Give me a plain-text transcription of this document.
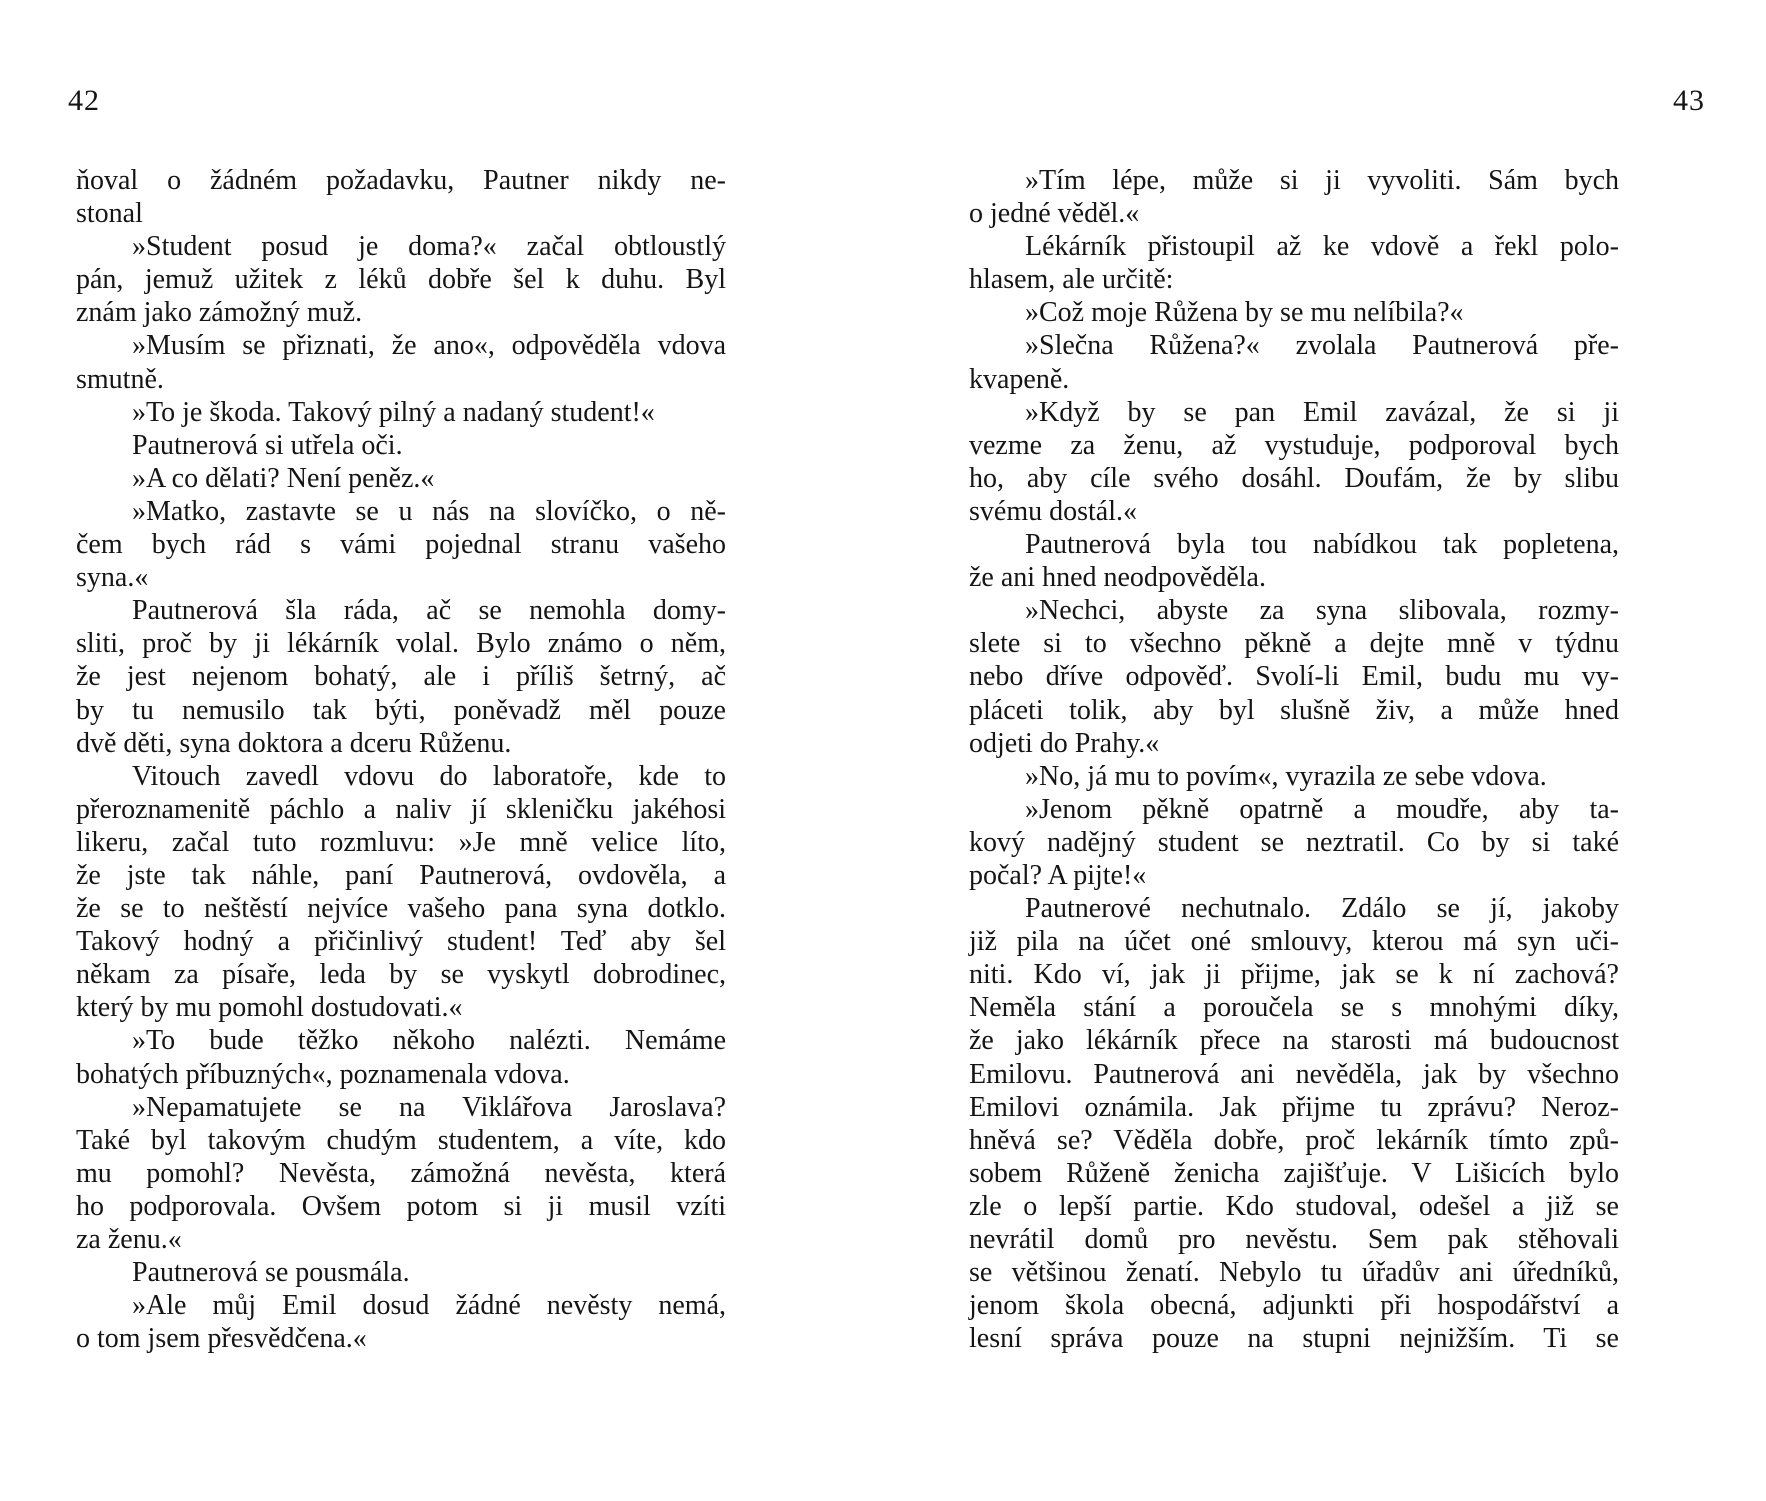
42
ňoval o žádném požadavku, Pautner nikdy ne-
stonal
»Student posud je doma?« začal obtloustlý
pán, jemuž užitek z léků dobře šel k duhu. Byl
znám jako zámožný muž.
»Musím se přiznati, že ano«, odpověděla vdova
smutně.
»To je škoda. Takový pilný a nadaný student!«
Pautnerová si utřela oči.
»A co dělati? Není peněz.«
»Matko, zastavte se u nás na slovíčko, o ně-
čem bych rád s vámi pojednal stranu vašeho
syna.«
Pautnerová šla ráda, ač se nemohla domy-
sliti, proč by ji lékárník volal. Bylo známo o něm,
že jest nejenom bohatý, ale i příliš šetrný, ač
by tu nemusilo tak býti, poněvadž měl pouze
dvě děti, syna doktora a dceru Růženu.
Vitouch zavedl vdovu do laboratoře, kde to
přeroznamenitě páchlo a naliv jí skleničku jakéhosi
likeru, začal tuto rozmluvu: »Je mně velice líto,
že jste tak náhle, paní Pautnerová, ovdověla, a
že se to neštěstí nejvíce vašeho pana syna dotklo.
Takový hodný a přičinlivý student! Teď aby šel
někam za písaře, leda by se vyskytl dobrodinec,
který by mu pomohl dostudovati.«
»To bude těžko někoho nalézti. Nemáme
bohatých příbuzných«, poznamenala vdova.
»Nepamatujete se na Viklářova Jaroslava?
Také byl takovým chudým studentem, a víte, kdo
mu pomohl? Nevěsta, zámožná nevěsta, která
ho podporovala. Ovšem potom si ji musil vzíti
za ženu.«
Pautnerová se pousmála.
»Ale můj Emil dosud žádné nevěsty nemá,
o tom jsem přesvědčena.«
43
»Tím lépe, může si ji vyvoliti. Sám bych
o jedné věděl.«
Lékárník přistoupil až ke vdově a řekl polo-
hlasem, ale určitě:
»Což moje Růžena by se mu nelíbila?«
»Slečna Růžena?« zvolala Pautnerová pře-
kvapeně.
»Když by se pan Emil zavázal, že si ji
vezme za ženu, až vystuduje, podporoval bych
ho, aby cíle svého dosáhl. Doufám, že by slibu
svému dostál.«
Pautnerová byla tou nabídkou tak popletena,
že ani hned neodpověděla.
»Nechci, abyste za syna slibovala, rozmy-
slete si to všechno pěkně a dejte mně v týdnu
nebo dříve odpověď. Svolí-li Emil, budu mu vy-
pláceti tolik, aby byl slušně živ, a může hned
odjeti do Prahy.«
»No, já mu to povím«, vyrazila ze sebe vdova.
»Jenom pěkně opatrně a moudře, aby ta-
kový nadějný student se neztratil. Co by si také
počal? A pijte!«
Pautnerové nechutnalo. Zdálo se jí, jakoby
již pila na účet oné smlouvy, kterou má syn uči-
niti. Kdo ví, jak ji přijme, jak se k ní zachová?
Neměla stání a poroučela se s mnohými díky,
že jako lékárník přece na starosti má budoucnost
Emilovu. Pautnerová ani nevěděla, jak by všechno
Emilovi oznámila. Jak přijme tu zprávu? Neroz-
hněvá se? Věděla dobře, proč lekárník tímto způ-
sobem Růženě ženicha zajišťuje. V Lišicích bylo
zle o lepší partie. Kdo studoval, odešel a již se
nevrátil domů pro nevěstu. Sem pak stěhovali
se většinou ženatí. Nebylo tu úřadův ani úředníků,
jenom škola obecná, adjunkti při hospodářství a
lesní správa pouze na stupni nejnižším. Ti se
